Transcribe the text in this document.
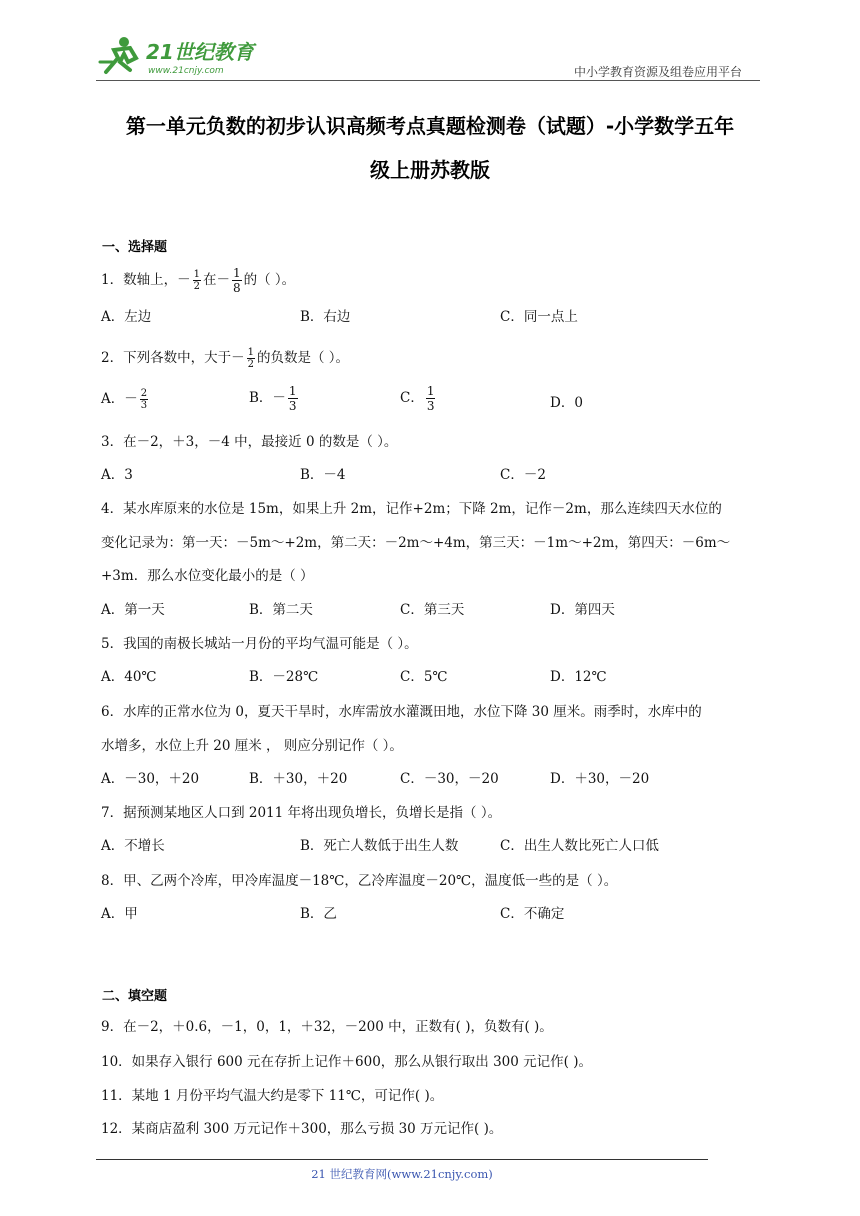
21世纪教育
www.21cnjy.com	中小学教育资源及组卷应用平台
第一单元负数的初步认识高频考点真题检测卷（试题）-小学数学五年
级上册苏教版
一、选择题
1．数轴上，－ $\frac{1}{2}$ 在－ $\frac{1}{8}$ 的（ ）。
A．左边	B．右边	C．同一点上
2．下列各数中，大于－ $\frac{1}{2}$ 的负数是（ ）。
A．－ $\frac{2}{3}$	B．－ $\frac{1}{3}$	C． $\frac{1}{3}$	D．0
3．在－2，＋3，－4 中，最接近 0 的数是（ ）。
A．3	B．－4	C．－2
4．某水库原来的水位是 15m，如果上升 2m，记作+2m；下降 2m，记作－2m，那么连续四天水位的
变化记录为：第一天：－5m～+2m，第二天：－2m～+4m，第三天：－1m～+2m，第四天：－6m～
+3m．那么水位变化最小的是（ ）
A．第一天	B．第二天	C．第三天	D．第四天
5．我国的南极长城站一月份的平均气温可能是（ ）。
A．40℃	B．－28℃	C．5℃	D．12℃
6．水库的正常水位为 0，夏天干旱时，水库需放水灌溉田地，水位下降 30 厘米。雨季时，水库中的
水增多，水位上升 20 厘米 ， 则应分别记作（ ）。
A．－30，＋20	B．＋30，＋20	C．－30，－20	D．＋30，－20
7．据预测某地区人口到 2011 年将出现负增长，负增长是指（ ）。
A．不增长	B．死亡人数低于出生人数	C．出生人数比死亡人口低
8．甲、乙两个冷库，甲冷库温度－18℃，乙冷库温度－20℃，温度低一些的是（ ）。
A．甲	B．乙	C．不确定
二、填空题
9．在－2，＋0.6，－1，0，1，＋32，－200 中，正数有( )，负数有( )。
10．如果存入银行 600 元在存折上记作＋600，那么从银行取出 300 元记作( )。
11．某地 1 月份平均气温大约是零下 11℃，可记作( )。
12．某商店盈利 300 万元记作＋300，那么亏损 30 万元记作( )。
21 世纪教育网(www.21cnjy.com)
